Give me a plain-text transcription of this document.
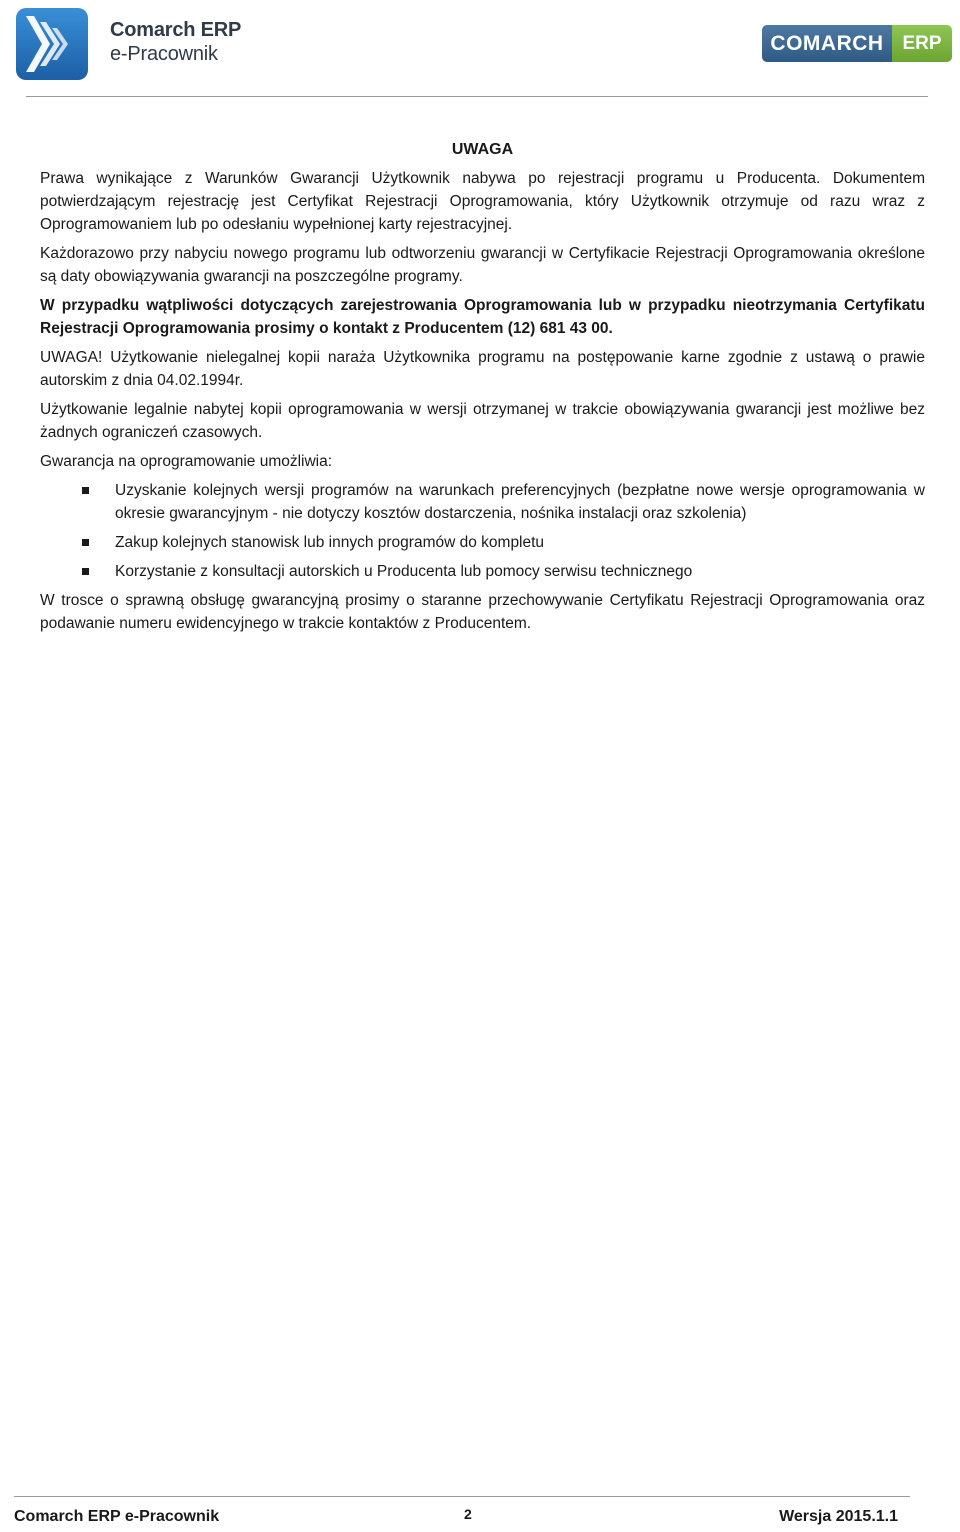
Comarch ERP
e-Pracownik	COMARCH ERP

UWAGA

Prawa wynikające z Warunków Gwarancji Użytkownik nabywa po rejestracji programu u Producenta. Dokumentem potwierdzającym rejestrację jest Certyfikat Rejestracji Oprogramowania, który Użytkownik otrzymuje od razu wraz z Oprogramowaniem lub po odesłaniu wypełnionej karty rejestracyjnej.

Każdorazowo przy nabyciu nowego programu lub odtworzeniu gwarancji w Certyfikacie Rejestracji Oprogramowania określone są daty obowiązywania gwarancji na poszczególne programy.

W przypadku wątpliwości dotyczących zarejestrowania Oprogramowania lub w przypadku nieotrzymania Certyfikatu Rejestracji Oprogramowania prosimy o kontakt z Producentem (12) 681 43 00.

UWAGA! Użytkowanie nielegalnej kopii naraża Użytkownika programu na postępowanie karne zgodnie z ustawą o prawie autorskim z dnia 04.02.1994r.

Użytkowanie legalnie nabytej kopii oprogramowania w wersji otrzymanej w trakcie obowiązywania gwarancji jest możliwe bez żadnych ograniczeń czasowych.

Gwarancja na oprogramowanie umożliwia:

Uzyskanie kolejnych wersji programów na warunkach preferencyjnych (bezpłatne nowe wersje oprogramowania w okresie gwarancyjnym - nie dotyczy kosztów dostarczenia, nośnika instalacji oraz szkolenia)
Zakup kolejnych stanowisk lub innych programów do kompletu
Korzystanie z konsultacji autorskich u Producenta lub pomocy serwisu technicznego

W trosce o sprawną obsługę gwarancyjną prosimy o staranne przechowywanie Certyfikatu Rejestracji Oprogramowania oraz podawanie numeru ewidencyjnego w trakcie kontaktów z Producentem.

Comarch ERP e-Pracownik	2	Wersja 2015.1.1
